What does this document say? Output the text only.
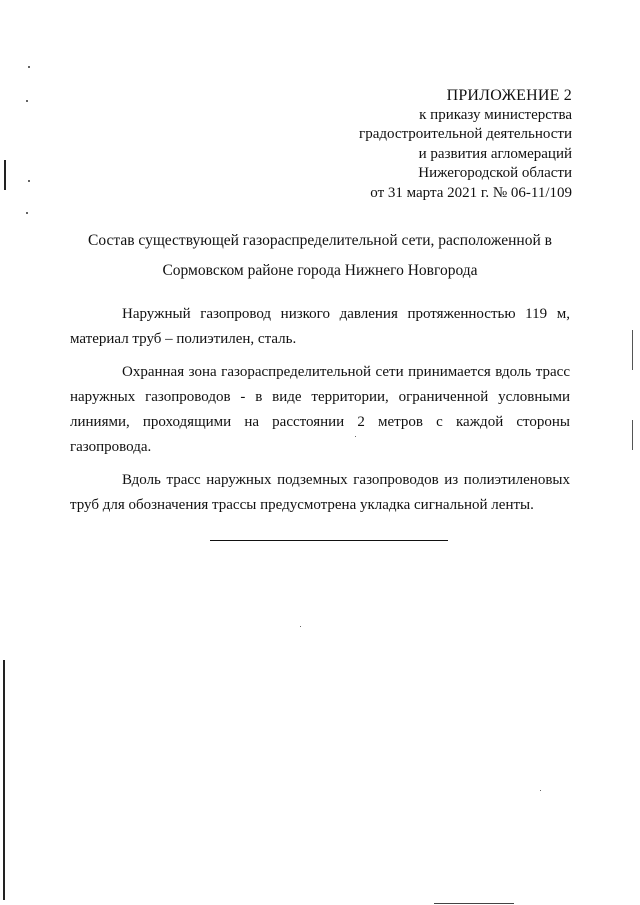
ПРИЛОЖЕНИЕ 2
к приказу министерства
градостроительной деятельности
и развития агломераций
Нижегородской области
от 31 марта 2021 г. № 06-11/109
Состав существующей газораспределительной сети, расположенной в
Сормовском районе города Нижнего Новгорода

Наружный газопровод низкого давления протяженностью 119 м, материал труб – полиэтилен, сталь.

Охранная зона газораспределительной сети принимается вдоль трасс наружных газопроводов - в виде территории, ограниченной условными линиями, проходящими на расстоянии 2 метров с каждой стороны газопровода.

Вдоль трасс наружных подземных газопроводов из полиэтиленовых труб для обозначения трассы предусмотрена укладка сигнальной ленты.
